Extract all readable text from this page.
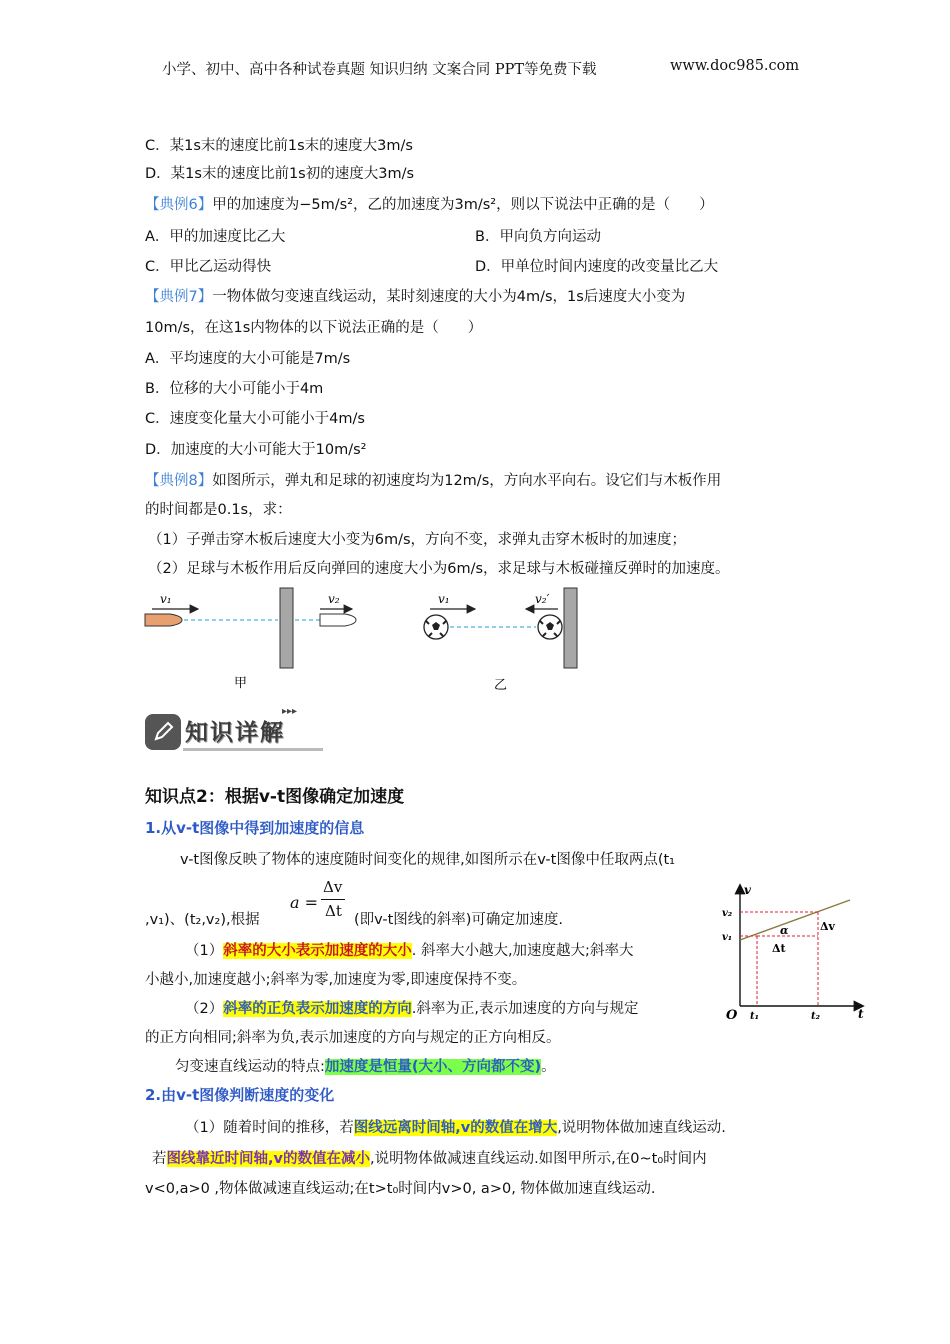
小学、初中、高中各种试卷真题 知识归纳 文案合同 PPT等免费下载	www.doc985.com
C．某1s末的速度比前1s末的速度大3m/s
D．某1s末的速度比前1s初的速度大3m/s
【典例6】甲的加速度为−5m/s²，乙的加速度为3m/s²，则以下说法中正确的是（　　）
A．甲的加速度比乙大	B．甲向负方向运动
C．甲比乙运动得快	D．甲单位时间内速度的改变量比乙大
【典例7】一物体做匀变速直线运动，某时刻速度的大小为4m/s，1s后速度大小变为
10m/s，在这1s内物体的以下说法正确的是（　　）
A．平均速度的大小可能是7m/s
B．位移的大小可能小于4m
C．速度变化量大小可能小于4m/s
D．加速度的大小可能大于10m/s²
【典例8】如图所示，弹丸和足球的初速度均为12m/s，方向水平向右。设它们与木板作用
的时间都是0.1s，求：
（1）子弹击穿木板后速度大小变为6m/s，方向不变，求弹丸击穿木板时的加速度；
（2）足球与木板作用后反向弹回的速度大小为6m/s，求足球与木板碰撞反弹时的加速度。
v₁	v₂
甲
v₁	v₂′
乙
知识详解
▸▸▸
知识点2：根据v-t图像确定加速度
1.从v-t图像中得到加速度的信息
v-t图像反映了物体的速度随时间变化的规律,如图所示在v-t图像中任取两点(t₁
a =
Δv
Δt
,v₁)、(t₂,v₂),根据	(即v-t图线的斜率)可确定加速度.
（1）斜率的大小表示加速度的大小. 斜率大小越大,加速度越大;斜率大
小越小,加速度越小;斜率为零,加速度为零,即速度保持不变。
（2）斜率的正负表示加速度的方向.斜率为正,表示加速度的方向与规定
的正方向相同;斜率为负,表示加速度的方向与规定的正方向相反。
匀变速直线运动的特点:加速度是恒量(大小、方向都不变)。
2.由v-t图像判断速度的变化
（1）随着时间的推移，若图线远离时间轴,v的数值在增大,说明物体做加速直线运动.
若图线靠近时间轴,v的数值在减小,说明物体做减速直线运动.如图甲所示,在0~t₀时间内
v<0,a>0 ,物体做减速直线运动;在t>t₀时间内v>0, a>0, 物体做加速直线运动.
v
t
O
v₁
v₂
t₁	t₂
α
Δt
Δv
